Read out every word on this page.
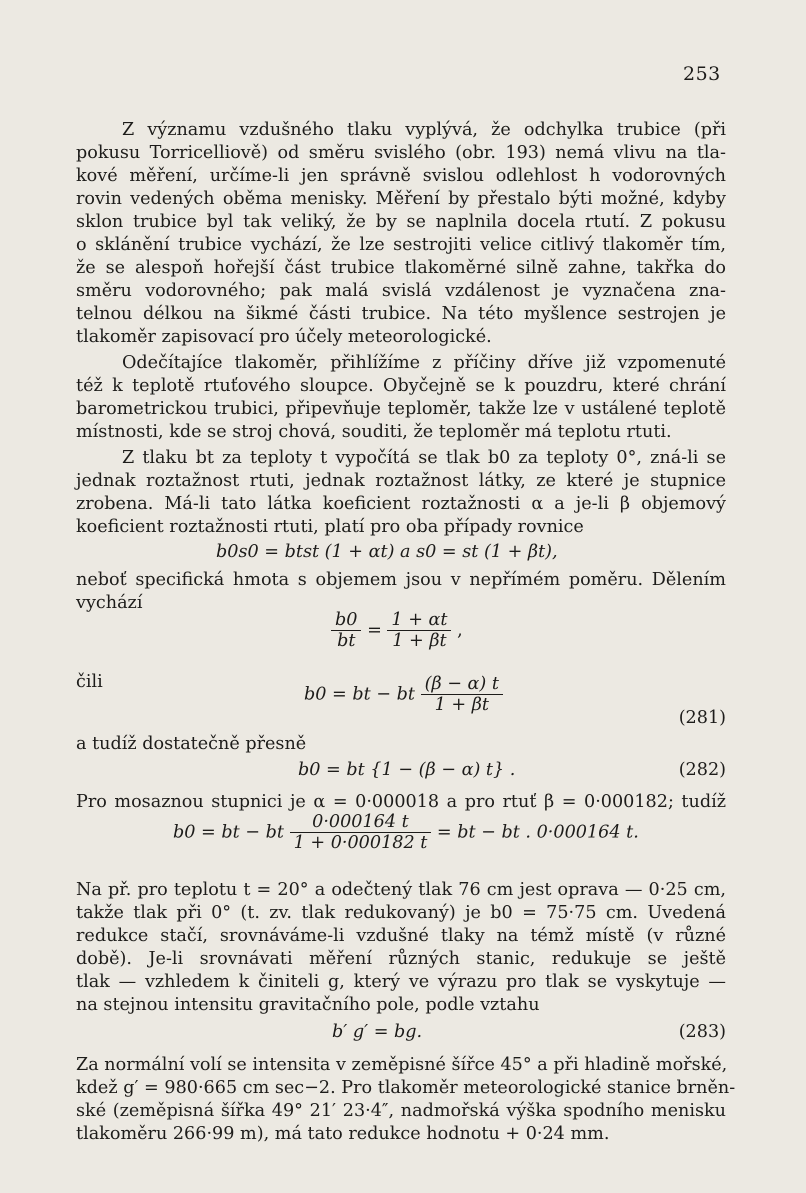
253
Z významu vzdušného tlaku vyplývá, že odchylka trubice (při
pokusu Torricelliově) od směru svislého (obr. 193) nemá vlivu na tla-
kové měření, určíme-li jen správně svislou odlehlost h vodorovných
rovin vedených oběma menisky. Měření by přestalo býti možné, kdyby
sklon trubice byl tak veliký, že by se naplnila docela rtutí. Z pokusu
o sklánění trubice vychází, že lze sestrojiti velice citlivý tlakoměr tím,
že se alespoň hořejší část trubice tlakoměrné silně zahne, takřka do
směru vodorovného; pak malá svislá vzdálenost je vyznačena zna-
telnou délkou na šikmé části trubice. Na této myšlence sestrojen je
tlakoměr zapisovací pro účely meteorologické.
Odečítajíce tlakoměr, přihlížíme z příčiny dříve již vzpomenuté
též k teplotě rtuťového sloupce. Obyčejně se k pouzdru, které chrání
barometrickou trubici, připevňuje teploměr, takže lze v ustálené teplotě
místnosti, kde se stroj chová, souditi, že teploměr má teplotu rtuti.
Z tlaku bt za teploty t vypočítá se tlak b0 za teploty 0°, zná-li se
jednak roztažnost rtuti, jednak roztažnost látky, ze které je stupnice
zrobena. Má-li tato látka koeficient roztažnosti α a je-li β objemový
koeficient roztažnosti rtuti, platí pro oba případy rovnice
b0s0 = btst (1 + αt) a s0 = st (1 + βt),
neboť specifická hmota s objemem jsou v nepřímém poměru. Dělením
vychází
$\frac{b0}{bt} = \frac{1 + \alpha t}{1 + \beta t}$ ,
čili
b0 = bt − bt $\frac{(\beta - \alpha) t}{1 + \beta t}$
(281)
a tudíž dostatečně přesně
b0 = bt {1 − (β − α) t} .	(282)
Pro mosaznou stupnici je α = 0·000018 a pro rtuť β = 0·000182; tudíž
b0 = bt − bt $\frac{0\cdot 000164 t}{1 + 0\cdot 000182 t}$ = bt − bt . 0·000164 t.
Na př. pro teplotu t = 20° a odečtený tlak 76 cm jest oprava — 0·25 cm,
takže tlak při 0° (t. zv. tlak redukovaný) je b0 = 75·75 cm. Uvedená
redukce stačí, srovnáváme-li vzdušné tlaky na témž místě (v různé
době). Je-li srovnávati měření různých stanic, redukuje se ještě
tlak — vzhledem k činiteli g, který ve výrazu pro tlak se vyskytuje —
na stejnou intensitu gravitačního pole, podle vztahu
b′ g′ = bg.	(283)
Za normální volí se intensita v zeměpisné šířce 45° a při hladině mořské,
kdež g′ = 980·665 cm sec−2. Pro tlakoměr meteorologické stanice brněn-
ské (zeměpisná šířka 49° 21′ 23·4″, nadmořská výška spodního menisku
tlakoměru 266·99 m), má tato redukce hodnotu + 0·24 mm.
